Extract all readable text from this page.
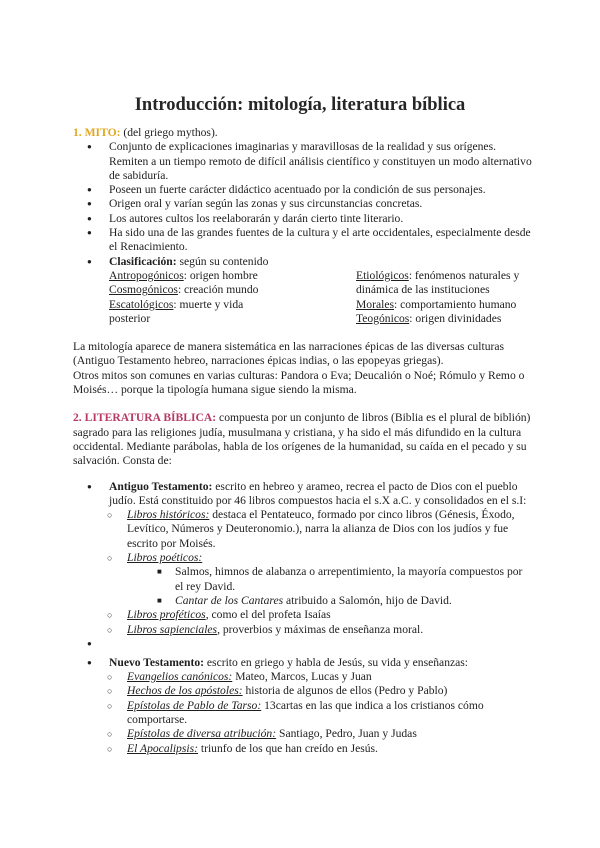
Introducción: mitología, literatura bíblica

1. MITO: (del griego mythos).

● Conjunto de explicaciones imaginarias y maravillosas de la realidad y sus orígenes. Remiten a un tiempo remoto de difícil análisis científico y constituyen un modo alternativo de sabiduría.
● Poseen un fuerte carácter didáctico acentuado por la condición de sus personajes.
● Origen oral y varían según las zonas y sus circunstancias concretas.
● Los autores cultos los reelaborarán y darán cierto tinte literario.
● Ha sido una de las grandes fuentes de la cultura y el arte occidentales, especialmente desde el Renacimiento.
● Clasificación: según su contenido
Antropogónicos: origen hombre
Cosmogónicos: creación mundo
Escatológicos: muerte y vida posterior
Etiológicos: fenómenos naturales y dinámica de las instituciones
Morales: comportamiento humano
Teogónicos: origen divinidades

La mitología aparece de manera sistemática en las narraciones épicas de las diversas culturas (Antiguo Testamento hebreo, narraciones épicas indias, o las epopeyas griegas).

Otros mitos son comunes en varias culturas: Pandora o Eva; Deucalión o Noé; Rómulo y Remo o Moisés… porque la tipología humana sigue siendo la misma.

2. LITERATURA BÍBLICA: compuesta por un conjunto de libros (Biblia es el plural de biblión) sagrado para las religiones judía, musulmana y cristiana, y ha sido el más difundido en la cultura occidental. Mediante parábolas, habla de los orígenes de la humanidad, su caída en el pecado y su salvación. Consta de:

● Antiguo Testamento: escrito en hebreo y arameo, recrea el pacto de Dios con el pueblo judío. Está constituido por 46 libros compuestos hacia el s.X a.C. y consolidados en el s.I:
○ Libros históricos: destaca el Pentateuco, formado por cinco libros (Génesis, Éxodo, Levítico, Números y Deuteronomio.), narra la alianza de Dios con los judíos y fue escrito por Moisés.
○ Libros poéticos:
■ Salmos, himnos de alabanza o arrepentimiento, la mayoría compuestos por el rey David.
■ Cantar de los Cantares atribuido a Salomón, hijo de David.
○ Libros proféticos, como el del profeta Isaías
○ Libros sapienciales, proverbios y máximas de enseñanza moral.
●
● Nuevo Testamento: escrito en griego y habla de Jesús, su vida y enseñanzas:
○ Evangelios canónicos: Mateo, Marcos, Lucas y Juan
○ Hechos de los apóstoles: historia de algunos de ellos (Pedro y Pablo)
○ Epístolas de Pablo de Tarso: 13cartas en las que indica a los cristianos cómo comportarse.
○ Epístolas de diversa atribución: Santiago, Pedro, Juan y Judas
○ El Apocalipsis: triunfo de los que han creído en Jesús.
